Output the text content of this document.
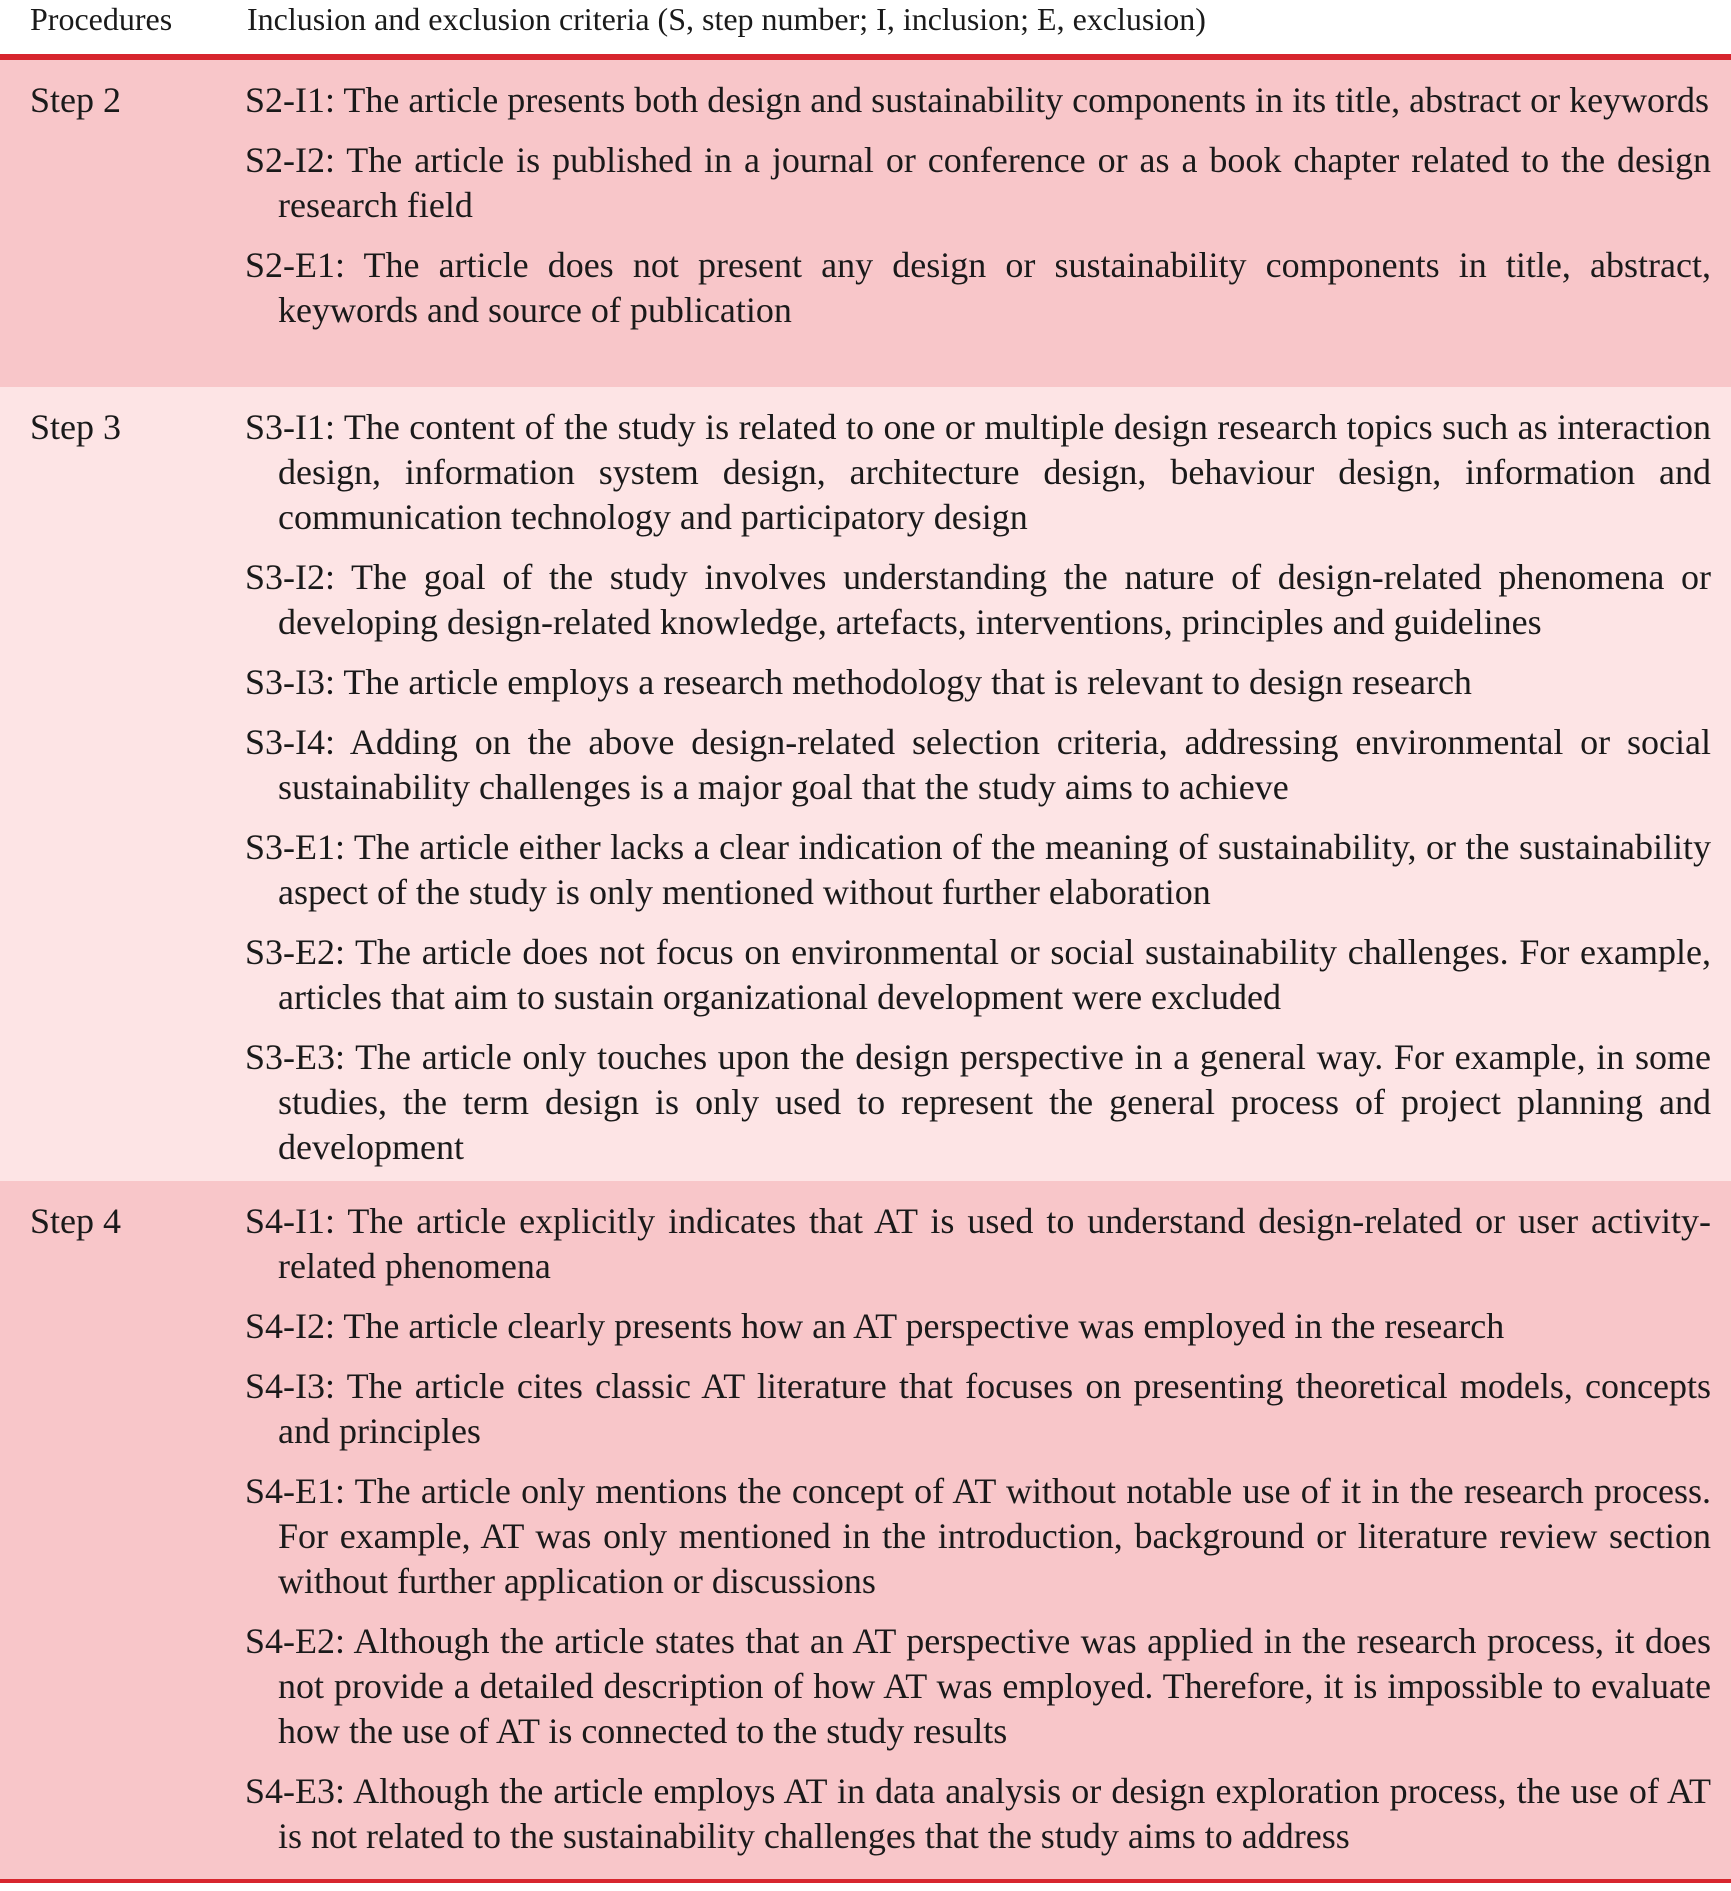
Procedures	Inclusion and exclusion criteria (S, step number; I, inclusion; E, exclusion)
Step 2	S2-I1: The article presents both design and sustainability components in its title, abstract or keywords
S2-I2: The article is published in a journal or conference or as a book chapter related to the design research field
S2-E1: The article does not present any design or sustainability components in title, abstract, keywords and source of publication
Step 3	S3-I1: The content of the study is related to one or multiple design research topics such as interaction design, information system design, architecture design, behaviour design, information and communication technology and participatory design
S3-I2: The goal of the study involves understanding the nature of design-related phenomena or developing design-related knowledge, artefacts, interventions, principles and guidelines
S3-I3: The article employs a research methodology that is relevant to design research
S3-I4: Adding on the above design-related selection criteria, addressing environmental or social sustainability challenges is a major goal that the study aims to achieve
S3-E1: The article either lacks a clear indication of the meaning of sustainability, or the sustainability aspect of the study is only mentioned without further elaboration
S3-E2: The article does not focus on environmental or social sustainability challenges. For example, articles that aim to sustain organizational development were excluded
S3-E3: The article only touches upon the design perspective in a general way. For example, in some studies, the term design is only used to represent the general process of project planning and development
Step 4	S4-I1: The article explicitly indicates that AT is used to understand design-related or user activity-related phenomena
S4-I2: The article clearly presents how an AT perspective was employed in the research
S4-I3: The article cites classic AT literature that focuses on presenting theoretical models, concepts and principles
S4-E1: The article only mentions the concept of AT without notable use of it in the research process. For example, AT was only mentioned in the introduction, background or literature review section without further application or discussions
S4-E2: Although the article states that an AT perspective was applied in the research process, it does not provide a detailed description of how AT was employed. Therefore, it is impossible to evaluate how the use of AT is connected to the study results
S4-E3: Although the article employs AT in data analysis or design exploration process, the use of AT is not related to the sustainability challenges that the study aims to address
